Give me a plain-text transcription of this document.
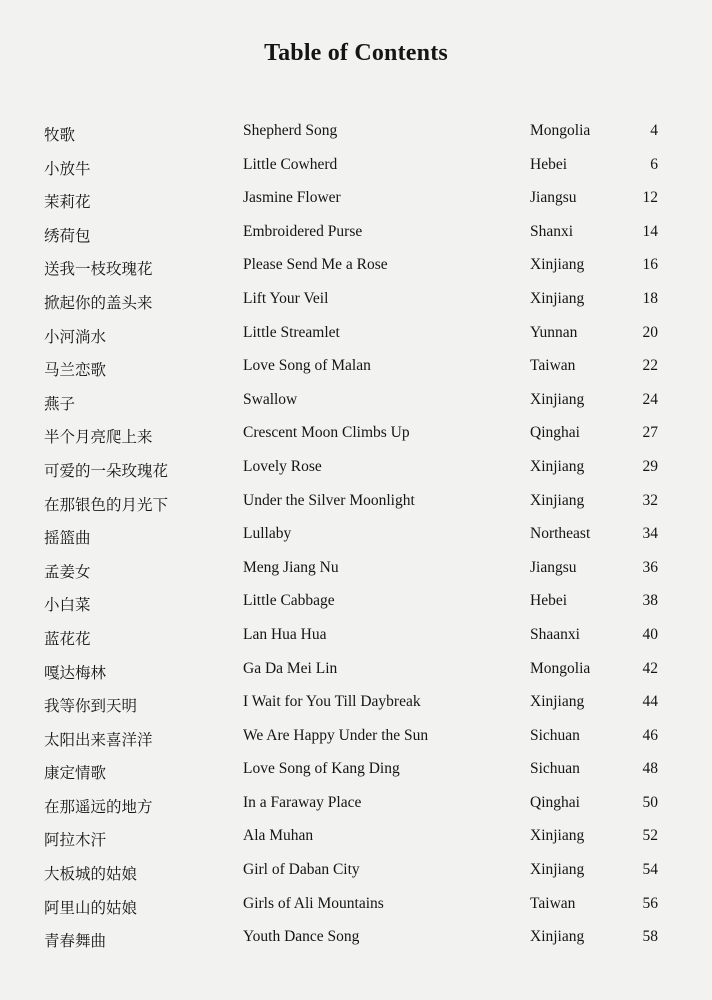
Table of Contents
牧歌	Shepherd Song	Mongolia	4
小放牛	Little Cowherd	Hebei	6
茉莉花	Jasmine Flower	Jiangsu	12
绣荷包	Embroidered Purse	Shanxi	14
送我一枝玫瑰花	Please Send Me a Rose	Xinjiang	16
掀起你的盖头来	Lift Your Veil	Xinjiang	18
小河淌水	Little Streamlet	Yunnan	20
马兰恋歌	Love Song of Malan	Taiwan	22
燕子	Swallow	Xinjiang	24
半个月亮爬上来	Crescent Moon Climbs Up	Qinghai	27
可爱的一朵玫瑰花	Lovely Rose	Xinjiang	29
在那银色的月光下	Under the Silver Moonlight	Xinjiang	32
摇篮曲	Lullaby	Northeast	34
孟姜女	Meng Jiang Nu	Jiangsu	36
小白菜	Little Cabbage	Hebei	38
蓝花花	Lan Hua Hua	Shaanxi	40
嘎达梅林	Ga Da Mei Lin	Mongolia	42
我等你到天明	I Wait for You Till Daybreak	Xinjiang	44
太阳出来喜洋洋	We Are Happy Under the Sun	Sichuan	46
康定情歌	Love Song of Kang Ding	Sichuan	48
在那遥远的地方	In a Faraway Place	Qinghai	50
阿拉木汗	Ala Muhan	Xinjiang	52
大板城的姑娘	Girl of Daban City	Xinjiang	54
阿里山的姑娘	Girls of Ali Mountains	Taiwan	56
青春舞曲	Youth Dance Song	Xinjiang	58
